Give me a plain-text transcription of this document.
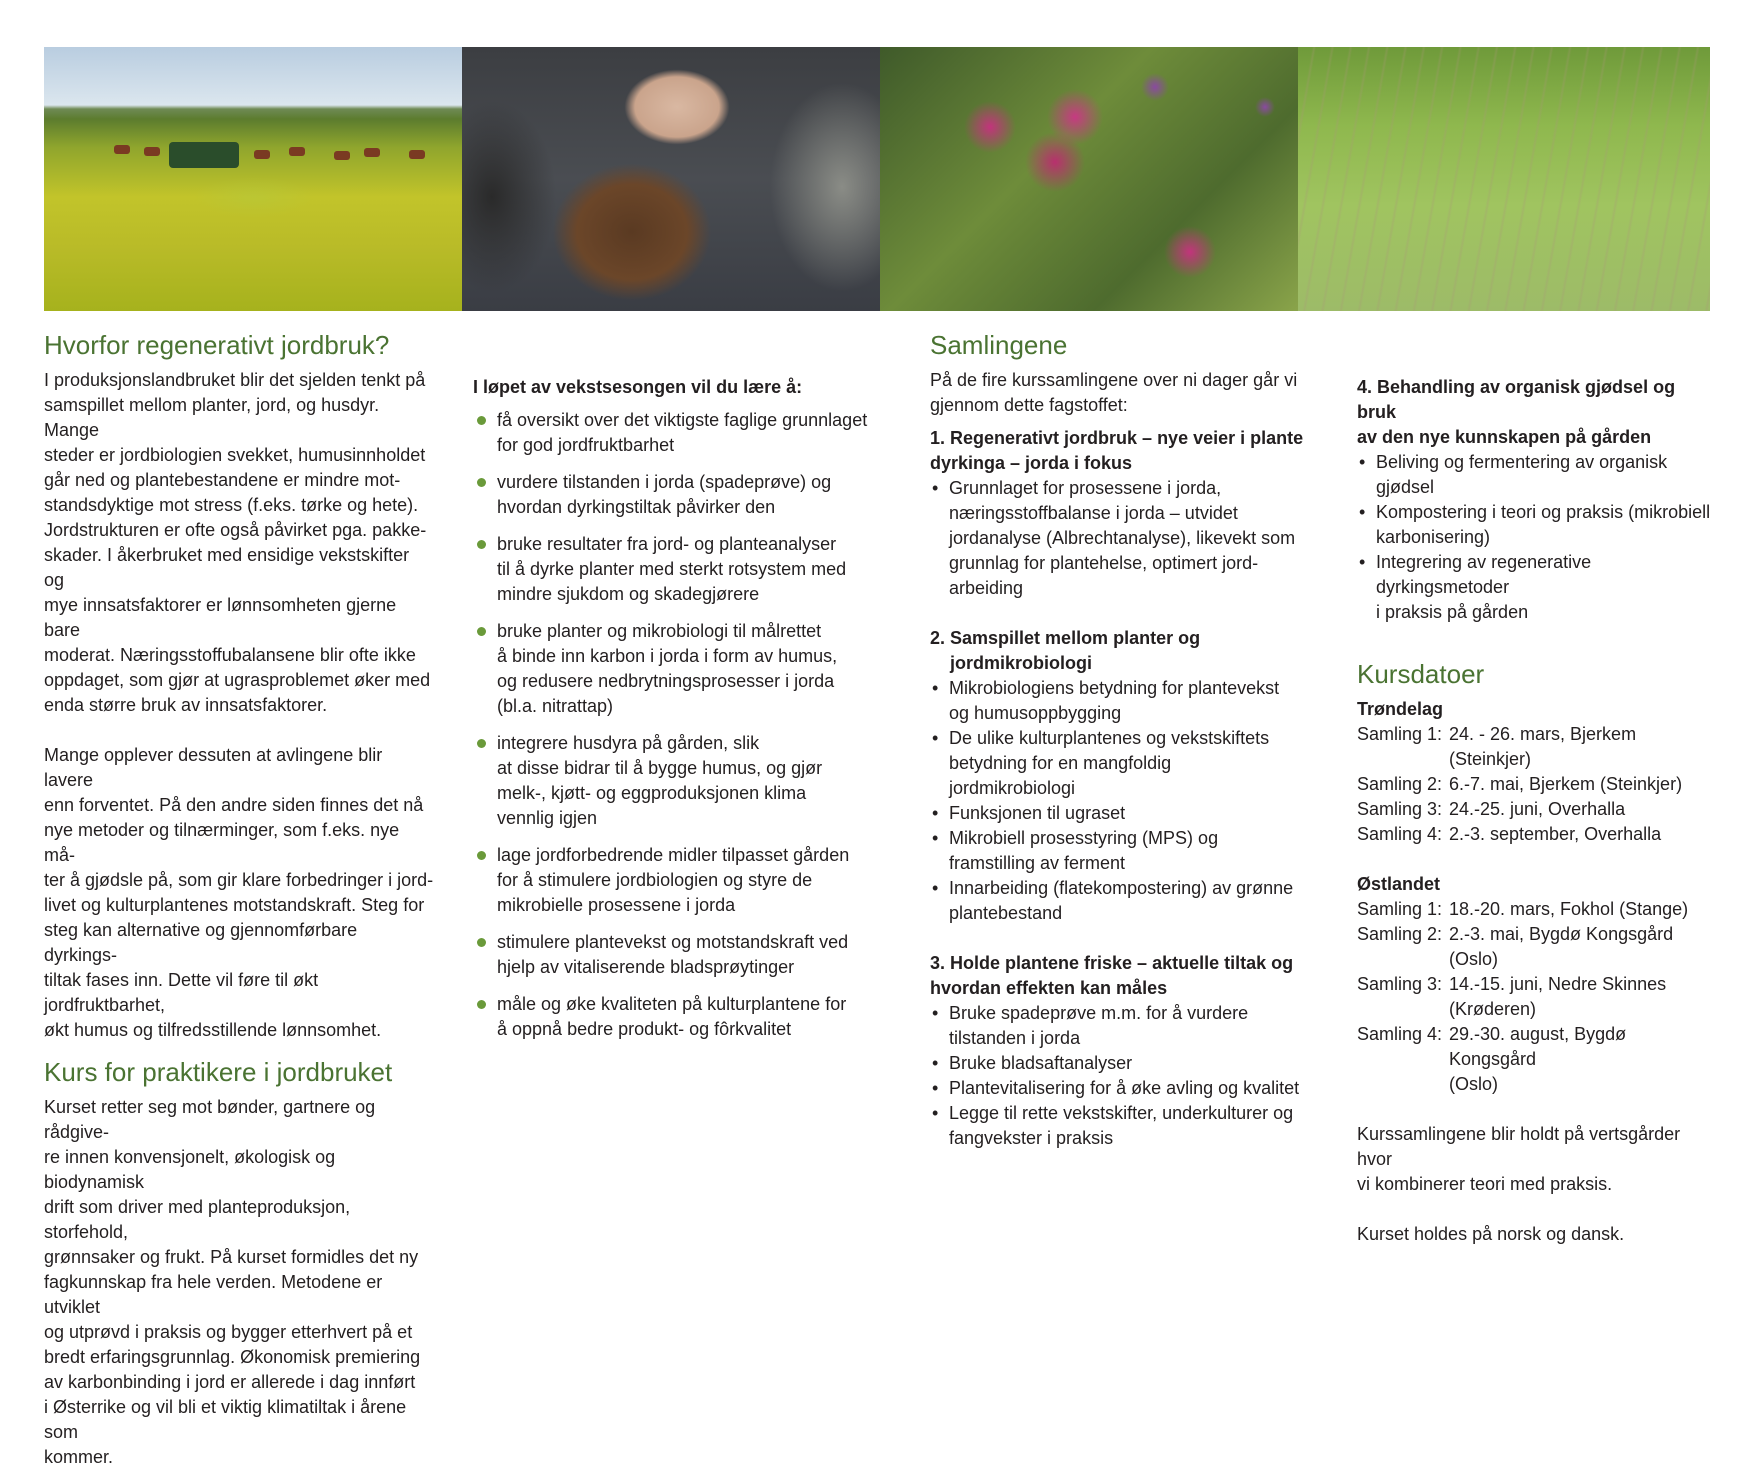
Hvorfor regenerativt jordbruk?

I produksjonslandbruket blir det sjelden tenkt på
samspillet mellom planter, jord, og husdyr. Mange
steder er jordbiologien svekket, humusinnholdet
går ned og plantebestandene er mindre mot-
standsdyktige mot stress (f.eks. tørke og hete).
Jordstrukturen er ofte også påvirket pga. pakke-
skader. I åkerbruket med ensidige vekstskifter og
mye innsatsfaktorer er lønnsomheten gjerne bare
moderat. Næringsstoffubalansene blir ofte ikke
oppdaget, som gjør at ugrasproblemet øker med
enda større bruk av innsatsfaktorer.

Mange opplever dessuten at avlingene blir lavere
enn forventet. På den andre siden finnes det nå
nye metoder og tilnærminger, som f.eks. nye må-
ter å gjødsle på, som gir klare forbedringer i jord-
livet og kulturplantenes motstandskraft. Steg for
steg kan alternative og gjennomførbare dyrkings-
tiltak fases inn. Dette vil føre til økt jordfruktbarhet,
økt humus og tilfredsstillende lønnsomhet.

Kurs for praktikere i jordbruket

Kurset retter seg mot bønder, gartnere og rådgive-
re innen konvensjonelt, økologisk og biodynamisk
drift som driver med planteproduksjon, storfehold,
grønnsaker og frukt. På kurset formidles det ny
fagkunnskap fra hele verden. Metodene er utviklet
og utprøvd i praksis og bygger etterhvert på et
bredt erfaringsgrunnlag. Økonomisk premiering
av karbonbinding i jord er allerede i dag innført
i Østerrike og vil bli et viktig klimatiltak i årene som
kommer.

I løpet av vekstsesongen vil du lære å:

få oversikt over det viktigste faglige grunnlaget
for god jordfruktbarhet
vurdere tilstanden i jorda (spadeprøve) og
hvordan dyrkingstiltak påvirker den
bruke resultater fra jord- og planteanalyser
til å dyrke planter med sterkt rotsystem med
mindre sjukdom og skadegjørere
bruke planter og mikrobiologi til målrettet
å binde inn karbon i jorda i form av humus,
og redusere nedbrytningsprosesser i jorda
(bl.a. nitrattap)
integrere husdyra på gården, slik
at disse bidrar til å bygge humus, og gjør
melk-, kjøtt- og eggproduksjonen klima
vennlig igjen
lage jordforbedrende midler tilpasset gården
for å stimulere jordbiologien og styre de
mikrobielle prosessene i jorda
stimulere plantevekst og motstandskraft ved
hjelp av vitaliserende bladsprøytinger
måle og øke kvaliteten på kulturplantene for
å oppnå bedre produkt- og fôrkvalitet
Samlingene

På de fire kurssamlingene over ni dager går vi
gjennom dette fagstoffet:

1. Regenerativt jordbruk – nye veier i plante
dyrkinga – jorda i fokus

• Grunnlaget for prosessene i jorda,
næringsstoffbalanse i jorda – utvidet
jordanalyse (Albrechtanalyse), likevekt som
grunnlag for plantehelse, optimert jord-
arbeiding

2. Samspillet mellom planter og
jordmikrobiologi

• Mikrobiologiens betydning for plantevekst
og humusoppbygging
• De ulike kulturplantenes og vekstskiftets
betydning for en mangfoldig jordmikrobiologi
• Funksjonen til ugraset
• Mikrobiell prosesstyring (MPS) og
framstilling av ferment
• Innarbeiding (flatekompostering) av grønne
plantebestand

3. Holde plantene friske – aktuelle tiltak og
hvordan effekten kan måles

• Bruke spadeprøve m.m. for å vurdere
tilstanden i jorda
• Bruke bladsaftanalyser
• Plantevitalisering for å øke avling og kvalitet
• Legge til rette vekstskifter, underkulturer og
fangvekster i praksis

4. Behandling av organisk gjødsel og bruk
av den nye kunnskapen på gården

• Beliving og fermentering av organisk
gjødsel
• Kompostering i teori og praksis (mikrobiell
karbonisering)
• Integrering av regenerative dyrkingsmetoder
i praksis på gården
Kursdatoer

Trøndelag

Samling 1: 24. - 26. mars, Bjerkem (Steinkjer)
Samling 2: 6.-7. mai, Bjerkem (Steinkjer)
Samling 3: 24.-25. juni, Overhalla
Samling 4: 2.-3. september, Overhalla

Østlandet

Samling 1: 18.-20. mars, Fokhol (Stange)
Samling 2: 2.-3. mai, Bygdø Kongsgård (Oslo)
Samling 3: 14.-15. juni, Nedre Skinnes
(Krøderen)
Samling 4: 29.-30. august, Bygdø Kongsgård
(Oslo)

Kurssamlingene blir holdt på vertsgårder hvor
vi kombinerer teori med praksis.

Kurset holdes på norsk og dansk.
